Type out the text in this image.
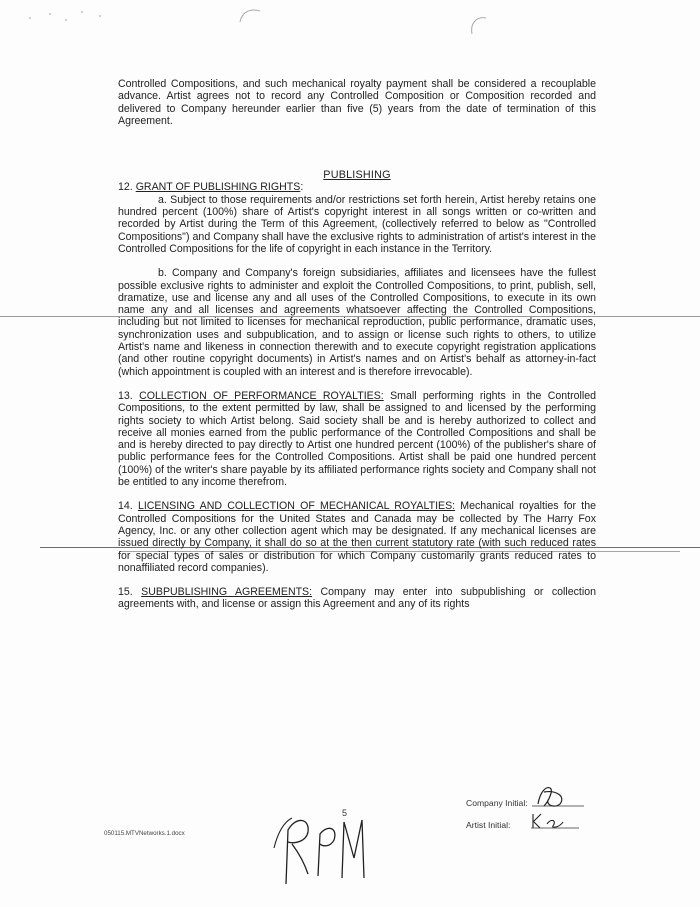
Controlled Compositions, and such mechanical royalty payment shall be considered a recouplable advance. Artist agrees not to record any Controlled Composition or Composition recorded and delivered to Company hereunder earlier than five (5) years from the date of termination of this Agreement.

PUBLISHING

12. GRANT OF PUBLISHING RIGHTS:

a. Subject to those requirements and/or restrictions set forth herein, Artist hereby retains one hundred percent (100%) share of Artist's copyright interest in all songs written or co-written and recorded by Artist during the Term of this Agreement, (collectively referred to below as "Controlled Compositions") and Company shall have the exclusive rights to administration of artist's interest in the Controlled Compositions for the life of copyright in each instance in the Territory.

b. Company and Company's foreign subsidiaries, affiliates and licensees have the fullest possible exclusive rights to administer and exploit the Controlled Compositions, to print, publish, sell, dramatize, use and license any and all uses of the Controlled Compositions, to execute in its own name any and all licenses and agreements whatsoever affecting the Controlled Compositions, including but not limited to licenses for mechanical reproduction, public performance, dramatic uses, synchronization uses and subpublication, and to assign or license such rights to others, to utilize Artist's name and likeness in connection therewith and to execute copyright registration applications (and other routine copyright documents) in Artist's names and on Artist's behalf as attorney-in-fact (which appointment is coupled with an interest and is therefore irrevocable).

13. COLLECTION OF PERFORMANCE ROYALTIES: Small performing rights in the Controlled Compositions, to the extent permitted by law, shall be assigned to and licensed by the performing rights society to which Artist belong. Said society shall be and is hereby authorized to collect and receive all monies earned from the public performance of the Controlled Compositions and shall be and is hereby directed to pay directly to Artist one hundred percent (100%) of the publisher's share of public performance fees for the Controlled Compositions. Artist shall be paid one hundred percent (100%) of the writer's share payable by its affiliated performance rights society and Company shall not be entitled to any income therefrom.

14. LICENSING AND COLLECTION OF MECHANICAL ROYALTIES: Mechanical royalties for the Controlled Compositions for the United States and Canada may be collected by The Harry Fox Agency, Inc. or any other collection agent which may be designated. If any mechanical licenses are issued directly by Company, it shall do so at the then current statutory rate (with such reduced rates for special types of sales or distribution for which Company customarily grants reduced rates to nonaffiliated record companies).

15. SUBPUBLISHING AGREEMENTS: Company may enter into subpublishing or collection agreements with, and license or assign this Agreement and any of its rights

Company Initial:
Artist Initial:
5
050115.MTVNetworks.1.docx
